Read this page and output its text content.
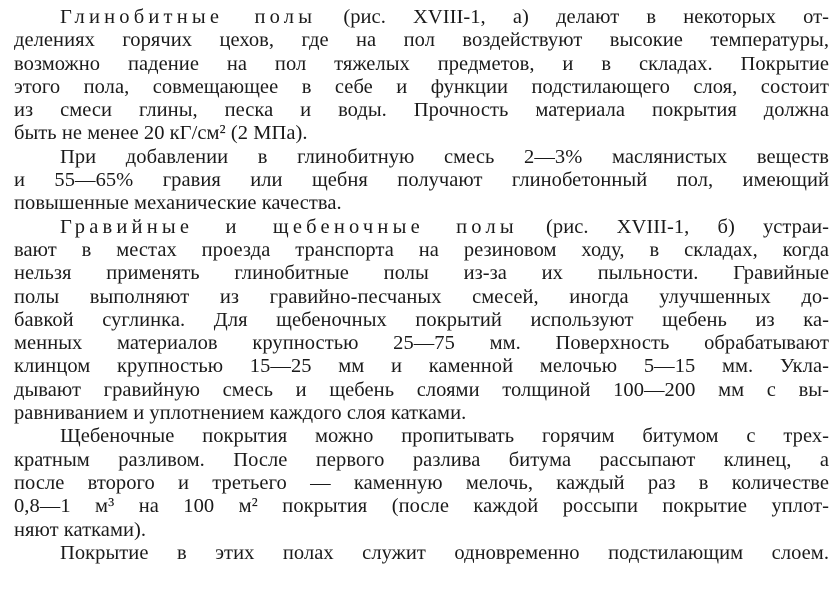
Глинобитные полы (рис. XVIII-1, а) делают в некоторых от-
делениях горячих цехов, где на пол воздействуют высокие температуры,
возможно падение на пол тяжелых предметов, и в складах. Покрытие
этого пола, совмещающее в себе и функции подстилающего слоя, состоит
из смеси глины, песка и воды. Прочность материала покрытия должна
быть не менее 20 кГ/см² (2 МПа).

При добавлении в глинобитную смесь 2—3% маслянистых веществ
и 55—65% гравия или щебня получают глинобетонный пол, имеющий
повышенные механические качества.

Гравийные и щебеночные полы (рис. XVIII-1, б) устраи-
вают в местах проезда транспорта на резиновом ходу, в складах, когда
нельзя применять глинобитные полы из-за их пыльности. Гравийные
полы выполняют из гравийно-песчаных смесей, иногда улучшенных до-
бавкой суглинка. Для щебеночных покрытий используют щебень из ка-
менных материалов крупностью 25—75 мм. Поверхность обрабатывают
клинцом крупностью 15—25 мм и каменной мелочью 5—15 мм. Укла-
дывают гравийную смесь и щебень слоями толщиной 100—200 мм с вы-
равниванием и уплотнением каждого слоя катками.

Щебеночные покрытия можно пропитывать горячим битумом с трех-
кратным разливом. После первого разлива битума рассыпают клинец, а
после второго и третьего — каменную мелочь, каждый раз в количестве
0,8—1 м³ на 100 м² покрытия (после каждой россыпи покрытие уплот-
няют катками).

Покрытие в этих полах служит одновременно подстилающим слоем.
